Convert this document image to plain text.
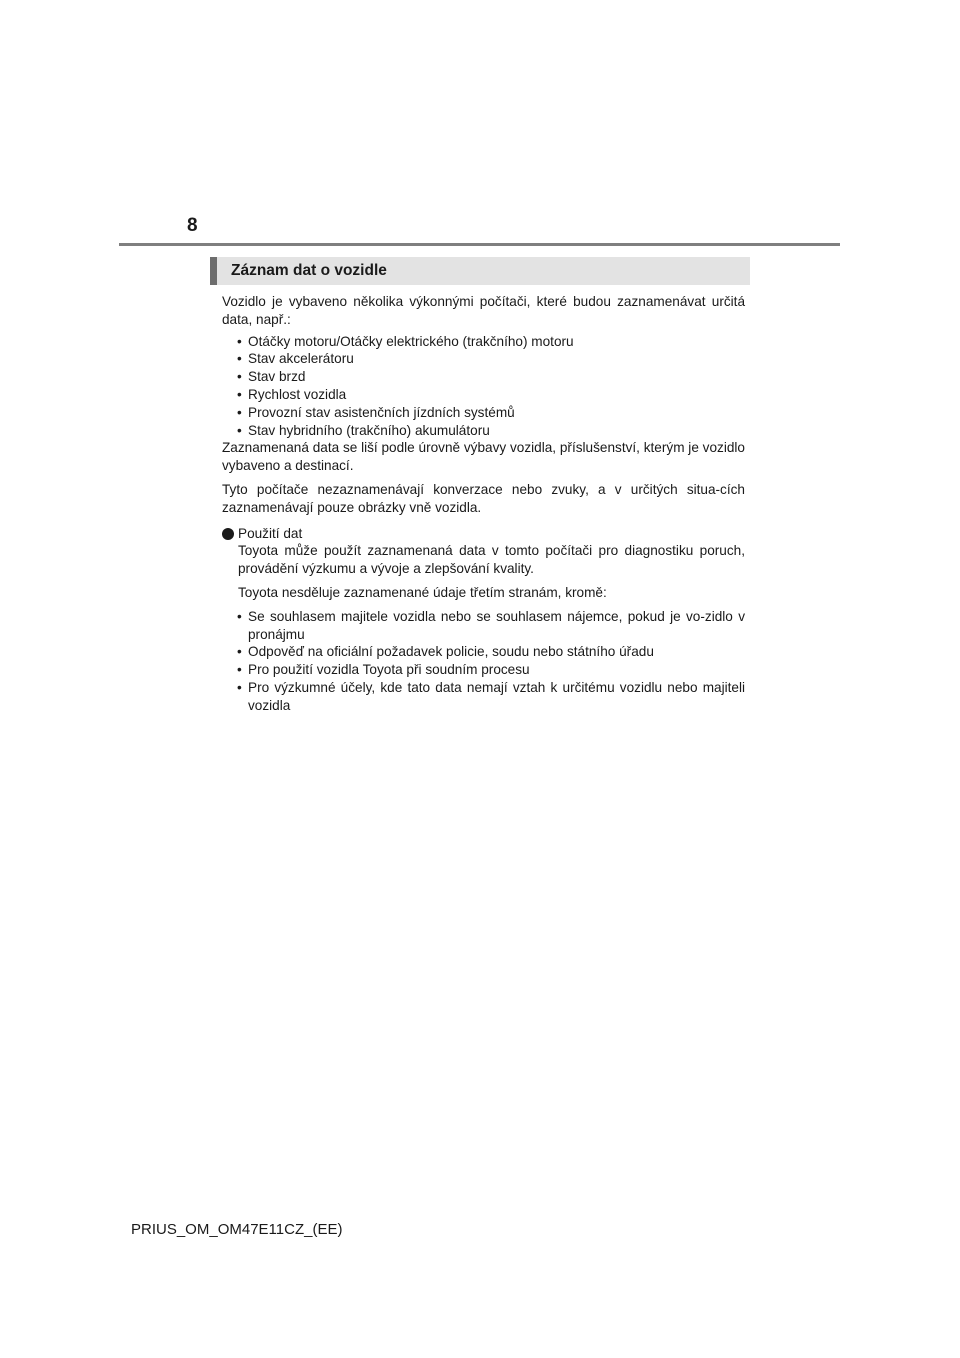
8
Záznam dat o vozidle

Vozidlo je vybaveno několika výkonnými počítači, které budou zaznamenávat určitá data, např.:

• Otáčky motoru/Otáčky elektrického (trakčního) motoru
• Stav akcelerátoru
• Stav brzd
• Rychlost vozidla
• Provozní stav asistenčních jízdních systémů
• Stav hybridního (trakčního) akumulátoru

Zaznamenaná data se liší podle úrovně výbavy vozidla, příslušenství, kterým je vozidlo vybaveno a destinací.

Tyto počítače nezaznamenávají konverzace nebo zvuky, a v určitých situa-cích zaznamenávají pouze obrázky vně vozidla.

Použití dat

Toyota může použít zaznamenaná data v tomto počítači pro diagnostiku poruch, provádění výzkumu a vývoje a zlepšování kvality.

Toyota nesděluje zaznamenané údaje třetím stranám, kromě:

• Se souhlasem majitele vozidla nebo se souhlasem nájemce, pokud je vo-zidlo v pronájmu
• Odpověď na oficiální požadavek policie, soudu nebo státního úřadu
• Pro použití vozidla Toyota při soudním procesu
• Pro výzkumné účely, kde tato data nemají vztah k určitému vozidlu nebo majiteli vozidla
PRIUS_OM_OM47E11CZ_(EE)
